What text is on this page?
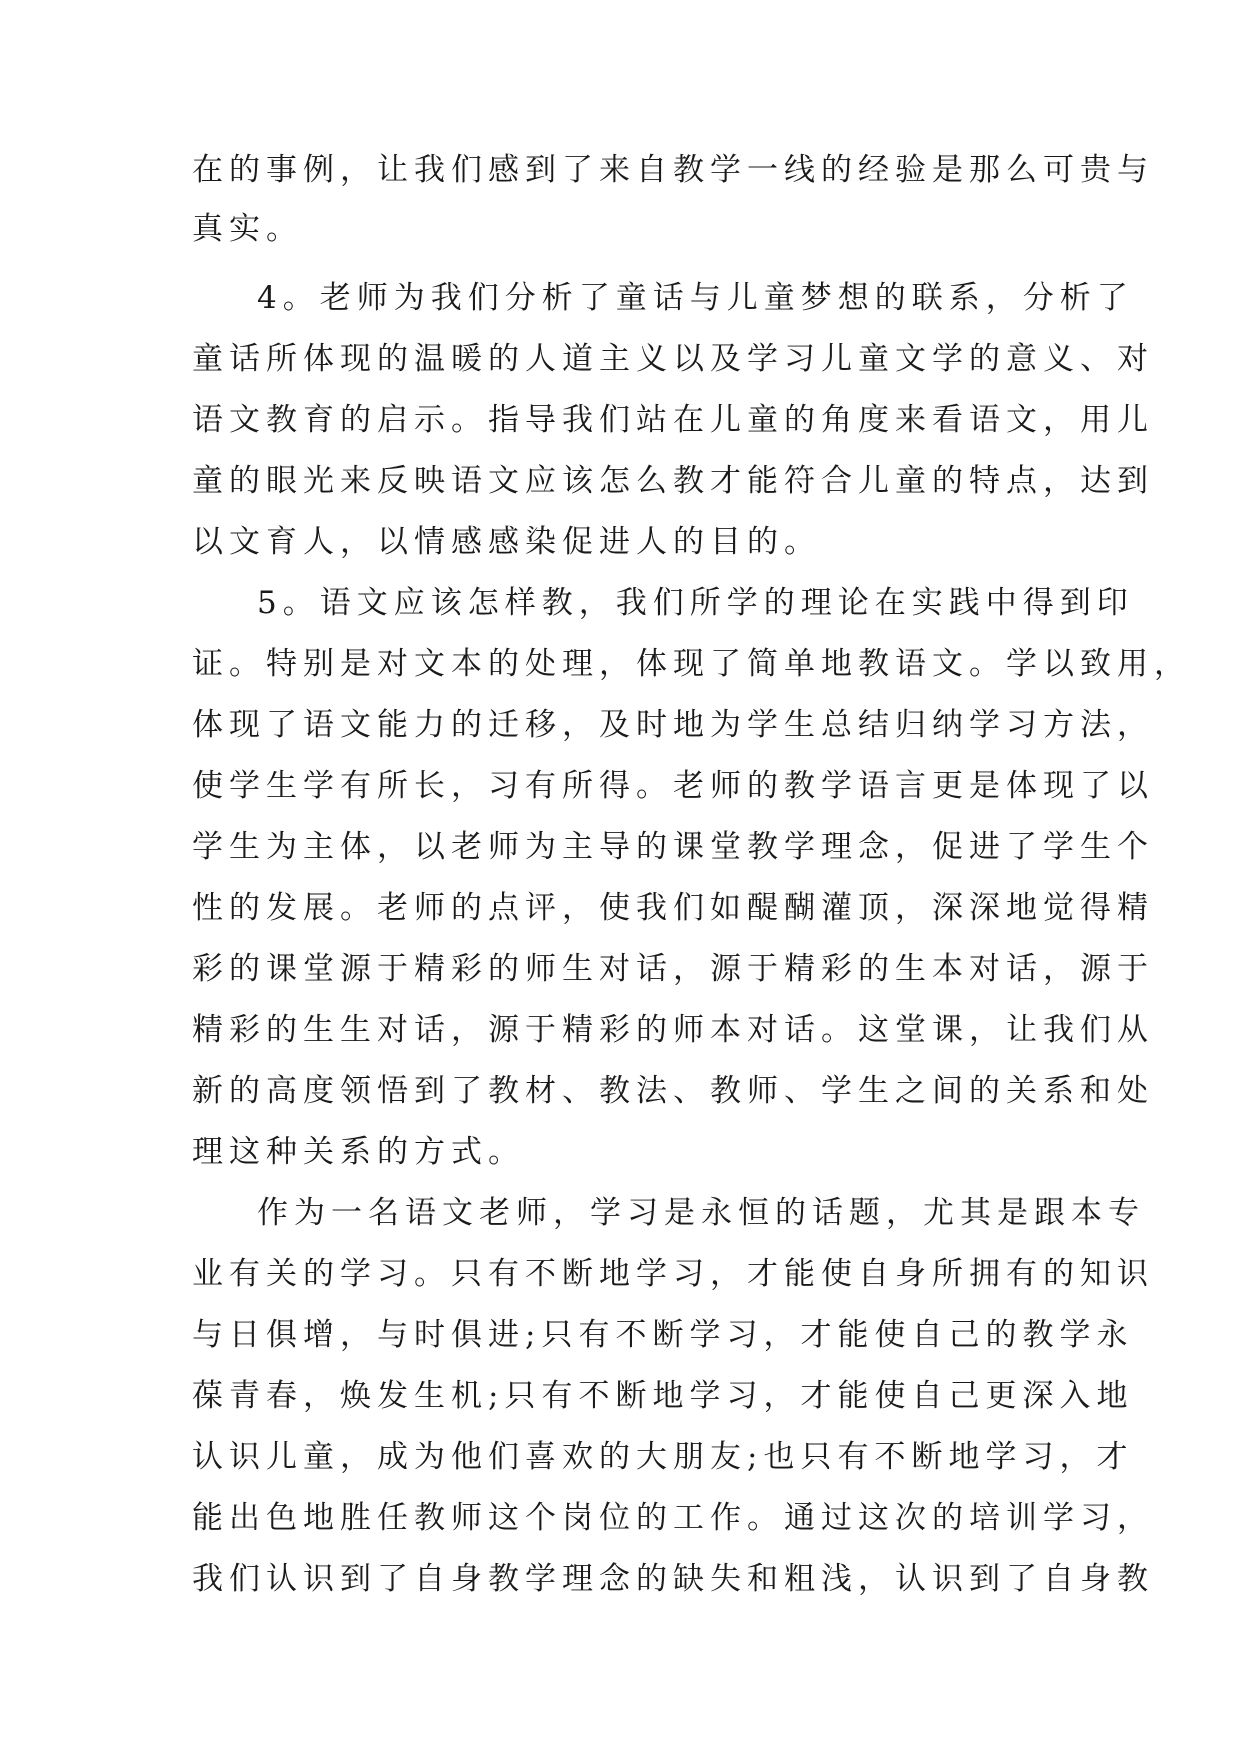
在的事例，让我们感到了来自教学一线的经验是那么可贵与
真实。
4。老师为我们分析了童话与儿童梦想的联系，分析了
童话所体现的温暖的人道主义以及学习儿童文学的意义、对
语文教育的启示。指导我们站在儿童的角度来看语文，用儿
童的眼光来反映语文应该怎么教才能符合儿童的特点，达到
以文育人，以情感感染促进人的目的。
5。语文应该怎样教，我们所学的理论在实践中得到印
证。特别是对文本的处理，体现了简单地教语文。学以致用，
体现了语文能力的迁移，及时地为学生总结归纳学习方法，
使学生学有所长，习有所得。老师的教学语言更是体现了以
学生为主体，以老师为主导的课堂教学理念，促进了学生个
性的发展。老师的点评，使我们如醍醐灌顶，深深地觉得精
彩的课堂源于精彩的师生对话，源于精彩的生本对话，源于
精彩的生生对话，源于精彩的师本对话。这堂课，让我们从
新的高度领悟到了教材、教法、教师、学生之间的关系和处
理这种关系的方式。
作为一名语文老师，学习是永恒的话题，尤其是跟本专
业有关的学习。只有不断地学习，才能使自身所拥有的知识
与日俱增，与时俱进;只有不断学习，才能使自己的教学永
葆青春，焕发生机;只有不断地学习，才能使自己更深入地
认识儿童，成为他们喜欢的大朋友;也只有不断地学习，才
能出色地胜任教师这个岗位的工作。通过这次的培训学习，
我们认识到了自身教学理念的缺失和粗浅，认识到了自身教
